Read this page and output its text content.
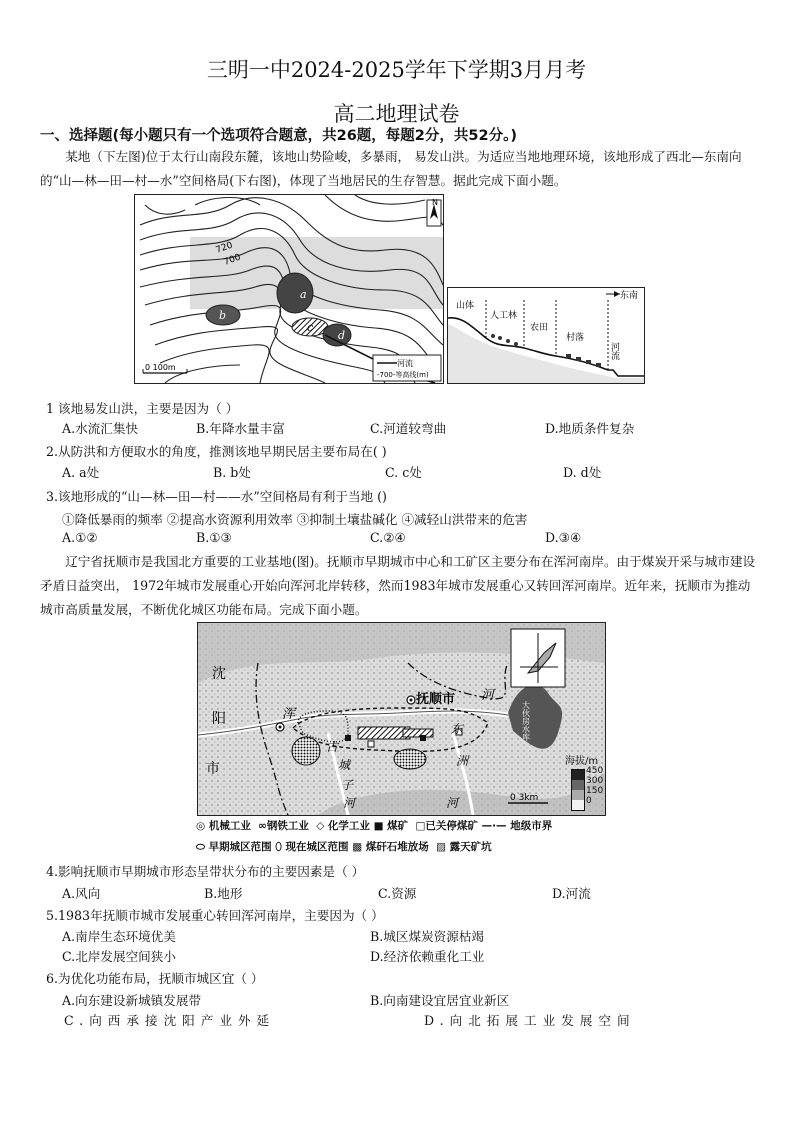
三明一中2024-2025学年下学期3月月考
高二地理试卷
一、选择题(每小题只有一个选项符合题意，共26题，每题2分，共52分。)
某地（下左图)位于太行山南段东麓，该地山势险峻，多暴雨， 易发山洪。为适应当地地理环境，该地形成了西北—东南向的“山—林—田—村—水”空间格局(下右图)，体现了当地居民的生存智慧。据此完成下面小题。
N
720
700
a
b
c
d
0 100m	河流
-700-等高线(m)
东南
山体
人工林
农田
村落
河流
1 该地易发山洪，主要是因为（ ）
A.水流汇集快	B.年降水量丰富	C.河道较弯曲	D.地质条件复杂
2.从防洪和方便取水的角度，推测该地早期民居主要布局在( )
A. a处	B. b处	C. c处	D. d处
3.该地形成的“山—林—田—村——水”空间格局有利于当地 ()
①降低暴雨的频率 ②提高水资源利用效率 ③抑制土壤盐碱化 ④减轻山洪带来的危害
A.①②	B.①③	C.②④	D.③④
辽宁省抚顺市是我国北方重要的工业基地(图)。抚顺市早期城市中心和工矿区主要分布在浑河南岸。由于煤炭开采与城市建设矛盾日益突出， 1972年城市发展重心开始向浑河北岸转移，然而1983年城市发展重心又转回浑河南岸。近年来，抚顺市为推动城市高质量发展，不断优化城区功能布局。完成下面小题。
沈
阳
市
抚顺市
浑
河
古
城
子
河
东
洲
河
大伙房水库
0 3km
海拔/m
450
300
150
0
◎ 机械工业 ∞钢铁工业 ◇ 化学工业 ■ 煤矿 □已关停煤矿 —·— 地级市界
⬭ 早期城区范围 ⬯ 现在城区范围 ▩ 煤矸石堆放场 ▨ 露天矿坑
4.影响抚顺市早期城市形态呈带状分布的主要因素是（ ）
A.风向	B.地形	C.资源	D.河流
5.1983年抚顺市城市发展重心转回浑河南岸，主要因为（ ）
A.南岸生态环境优美	B.城区煤炭资源枯竭
C.北岸发展空间狭小	D.经济依赖重化工业
6.为优化功能布局，抚顺市城区宜（ ）
A.向东建设新城镇发展带	B.向南建设宜居宜业新区
C.向西承接沈阳产业外延	D.向北拓展工业发展空间
